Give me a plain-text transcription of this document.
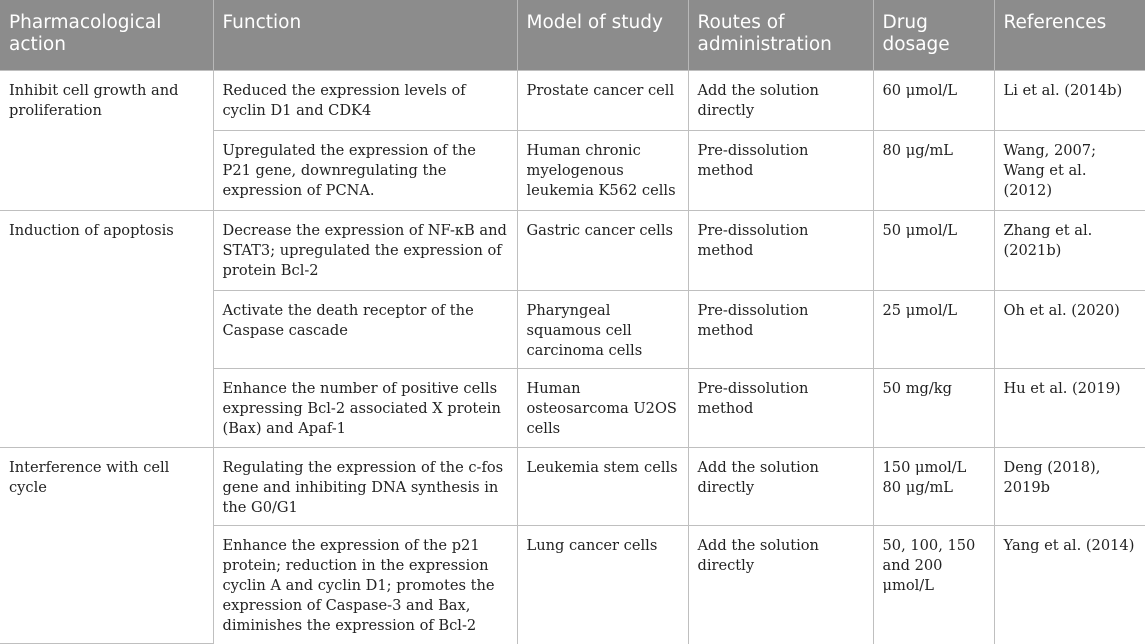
Pharmacological action	Function	Model of study	Routes of administration	Drug dosage	References
Inhibit cell growth and proliferation	Reduced the expression levels of cyclin D1 and CDK4	Prostate cancer cell	Add the solution directly	60 μmol/L	Li et al. (2014b)
	Upregulated the expression of the P21 gene, downregulating the expression of PCNA.	Human chronic myelogenous leukemia K562 cells	Pre-dissolution method	80 μg/mL	Wang, 2007; Wang et al. (2012)
Induction of apoptosis	Decrease the expression of NF-κB and STAT3; upregulated the expression of protein Bcl-2	Gastric cancer cells	Pre-dissolution method	50 μmol/L	Zhang et al. (2021b)
	Activate the death receptor of the Caspase cascade	Pharyngeal squamous cell carcinoma cells	Pre-dissolution method	25 μmol/L	Oh et al. (2020)
	Enhance the number of positive cells expressing Bcl-2 associated X protein (Bax) and Apaf-1	Human osteosarcoma U2OS cells	Pre-dissolution method	50 mg/kg	Hu et al. (2019)
Interference with cell cycle	Regulating the expression of the c-fos gene and inhibiting DNA synthesis in the G0/G1	Leukemia stem cells	Add the solution directly	150 μmol/L 80 μg/mL	Deng (2018), 2019b
	Enhance the expression of the p21 protein; reduction in the expression cyclin A and cyclin D1; promotes the expression of Caspase-3 and Bax, diminishes the expression of Bcl-2	Lung cancer cells	Add the solution directly	50, 100, 150 and 200 μmol/L	Yang et al. (2014)
